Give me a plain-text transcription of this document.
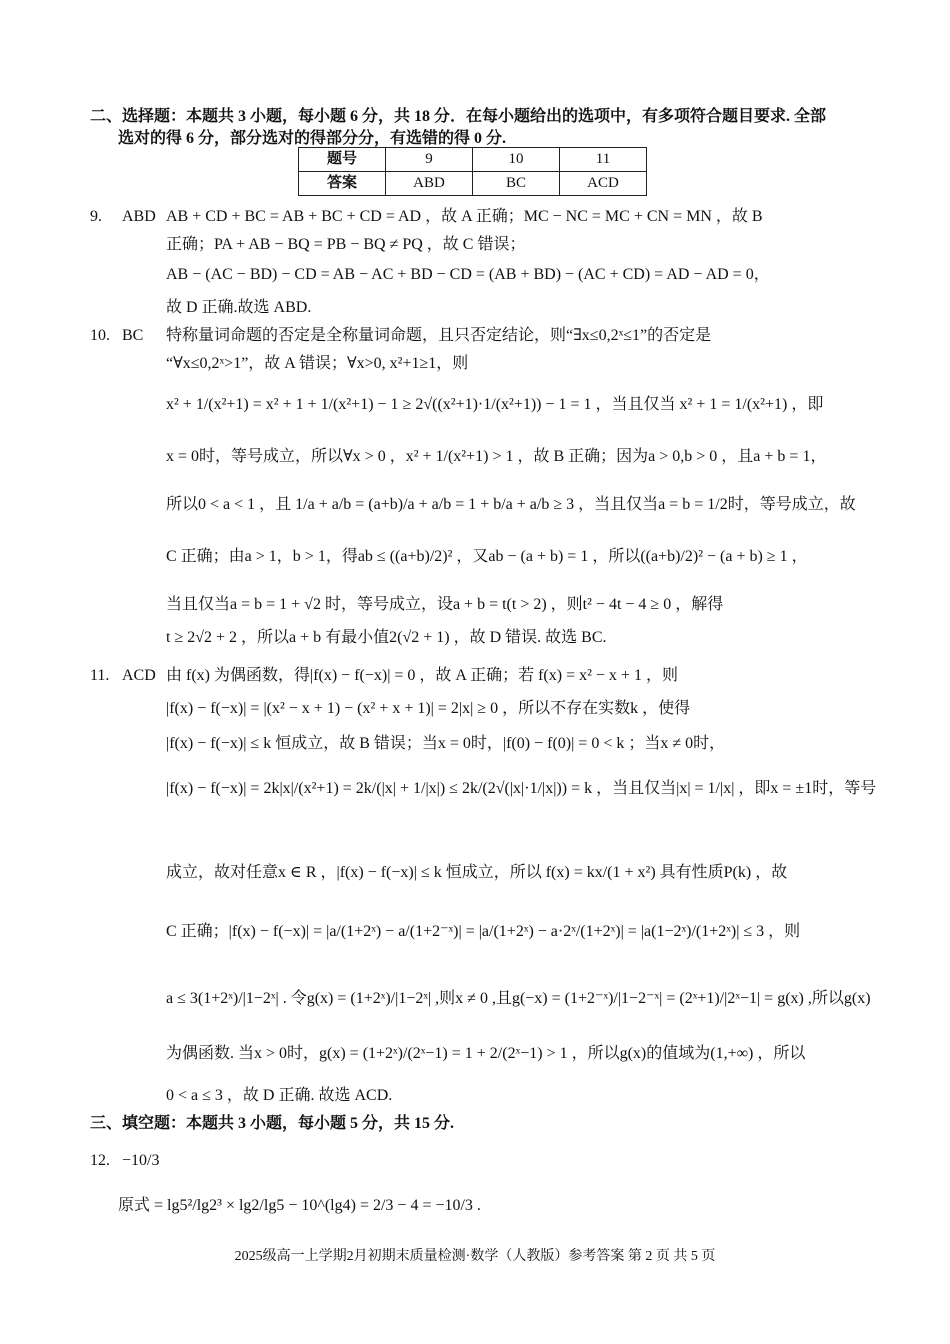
二、选择题：本题共 3 小题，每小题 6 分，共 18 分．在每小题给出的选项中，有多项符合题目要求. 全部
选对的得 6 分，部分选对的得部分分，有选错的得 0 分.
题号	9	10	11
答案	ABD	BC	ACD
9. ABD AB + CD + BC = AB + BC + CD = AD ，故 A 正确；MC − NC = MC + CN = MN ，故 B
正确；PA + AB − BQ = PB − BQ ≠ PQ ，故 C 错误；
AB − (AC − BD) − CD = AB − AC + BD − CD = (AB + BD) − (AC + CD) = AD − AD = 0，
故 D 正确.故选 ABD.
10. BC 特称量词命题的否定是全称量词命题，且只否定结论，则“∃x≤0,2ˣ≤1”的否定是
“∀x≤0,2ˣ>1”，故 A 错误；∀x>0, x²+1≥1，则
x² + 1/(x²+1) = x² + 1 + 1/(x²+1) − 1 ≥ 2√((x²+1)·1/(x²+1)) − 1 = 1 ，当且仅当 x² + 1 = 1/(x²+1) ，即
x = 0时，等号成立，所以∀x > 0 ，x² + 1/(x²+1) > 1 ，故 B 正确；因为a > 0,b > 0 ，且a + b = 1，
所以0 < a < 1 ，且 1/a + a/b = (a+b)/a + a/b = 1 + b/a + a/b ≥ 3 ，当且仅当a = b = 1/2时，等号成立，故
C 正确；由a > 1，b > 1，得ab ≤ ((a+b)/2)² ，又ab − (a + b) = 1 ，所以((a+b)/2)² − (a + b) ≥ 1 ，
当且仅当a = b = 1 + √2 时，等号成立，设a + b = t(t > 2) ，则t² − 4t − 4 ≥ 0 ，解得
t ≥ 2√2 + 2 ，所以a + b 有最小值2(√2 + 1) ，故 D 错误. 故选 BC.
11. ACD 由 f(x) 为偶函数，得|f(x) − f(−x)| = 0 ，故 A 正确；若 f(x) = x² − x + 1 ，则
|f(x) − f(−x)| = |(x² − x + 1) − (x² + x + 1)| = 2|x| ≥ 0 ，所以不存在实数k ，使得
|f(x) − f(−x)| ≤ k 恒成立，故 B 错误；当x = 0时，|f(0) − f(0)| = 0 < k ；当x ≠ 0时，
|f(x) − f(−x)| = 2k|x|/(x²+1) = 2k/(|x| + 1/|x|) ≤ 2k/(2√(|x|·1/|x|)) = k ，当且仅当|x| = 1/|x| ，即x = ±1时，等号
成立，故对任意x ∈ R ，|f(x) − f(−x)| ≤ k 恒成立，所以 f(x) = kx/(1 + x²) 具有性质P(k) ，故
C 正确；|f(x) − f(−x)| = |a/(1+2ˣ) − a/(1+2⁻ˣ)| = |a/(1+2ˣ) − a·2ˣ/(1+2ˣ)| = |a(1−2ˣ)/(1+2ˣ)| ≤ 3 ，则
a ≤ 3(1+2ˣ)/|1−2ˣ| . 令g(x) = (1+2ˣ)/|1−2ˣ| ,则x ≠ 0 ,且g(−x) = (1+2⁻ˣ)/|1−2⁻ˣ| = (2ˣ+1)/|2ˣ−1| = g(x) ,所以g(x)
为偶函数. 当x > 0时，g(x) = (1+2ˣ)/(2ˣ−1) = 1 + 2/(2ˣ−1) > 1 ，所以g(x)的值域为(1,+∞) ，所以
0 < a ≤ 3 ，故 D 正确. 故选 ACD.
三、填空题：本题共 3 小题，每小题 5 分，共 15 分.
12. −10/3
原式 = lg5²/lg2³ × lg2/lg5 − 10^(lg4) = 2/3 − 4 = −10/3 .
2025级高一上学期2月初期末质量检测·数学（人教版）参考答案 第 2 页 共 5 页
